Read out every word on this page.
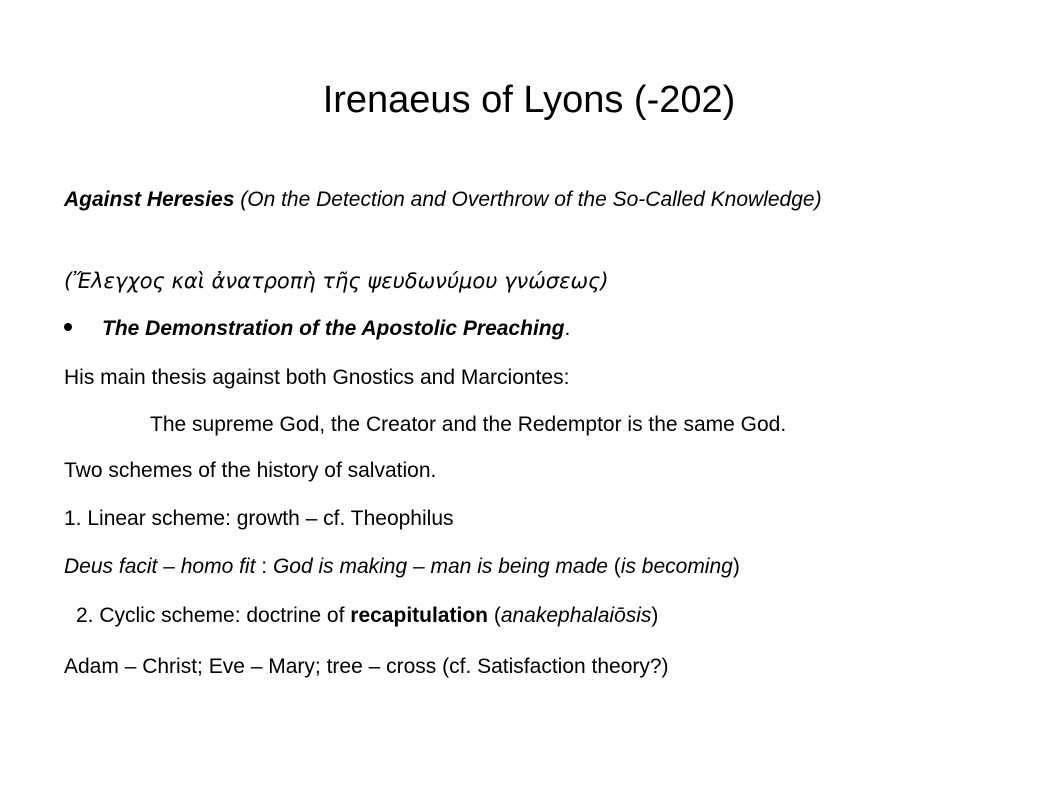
Irenaeus of Lyons (-202)
Against Heresies (On the Detection and Overthrow of the So-Called Knowledge)
(Ἔλεγχος καὶ ἀνατροπὴ τῆς ψευδωνύμου γνώσεως)
The Demonstration of the Apostolic Preaching.
His main thesis against both Gnostics and Marciontes:
The supreme God, the Creator and the Redemptor is the same God.
Two schemes of the history of salvation.
1. Linear scheme: growth – cf. Theophilus
Deus facit – homo fit : God is making – man is being made (is becoming)
2. Cyclic scheme: doctrine of recapitulation (anakephalaiōsis)
Adam – Christ; Eve – Mary; tree – cross (cf. Satisfaction theory?)
